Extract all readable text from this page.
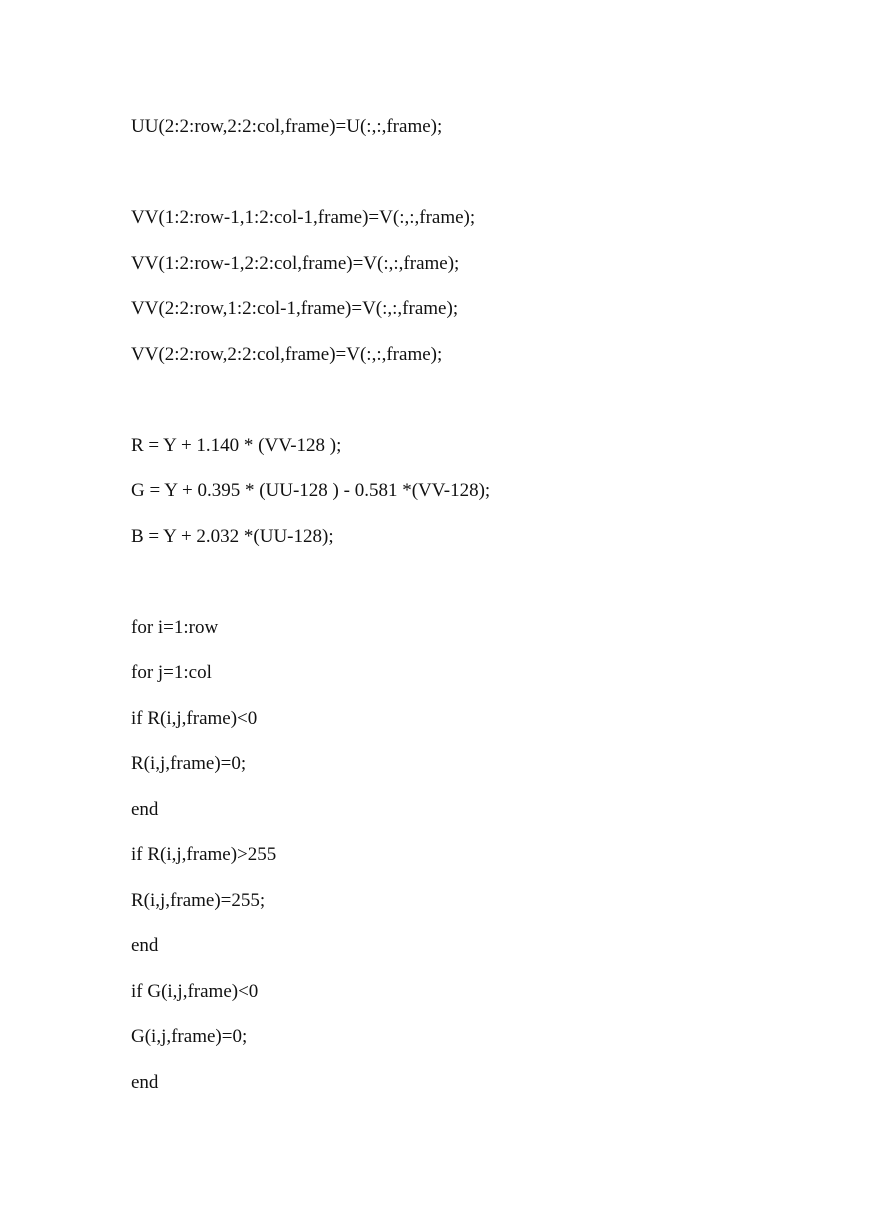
UU(2:2:row,2:2:col,frame)=U(:,:,frame);
VV(1:2:row-1,1:2:col-1,frame)=V(:,:,frame);
VV(1:2:row-1,2:2:col,frame)=V(:,:,frame);
VV(2:2:row,1:2:col-1,frame)=V(:,:,frame);
VV(2:2:row,2:2:col,frame)=V(:,:,frame);
R = Y + 1.140 * (VV-128 );
G = Y + 0.395 * (UU-128 ) - 0.581 *(VV-128);
B = Y + 2.032 *(UU-128);
for i=1:row
for j=1:col
if R(i,j,frame)<0
R(i,j,frame)=0;
end
if R(i,j,frame)>255
R(i,j,frame)=255;
end
if G(i,j,frame)<0
G(i,j,frame)=0;
end
